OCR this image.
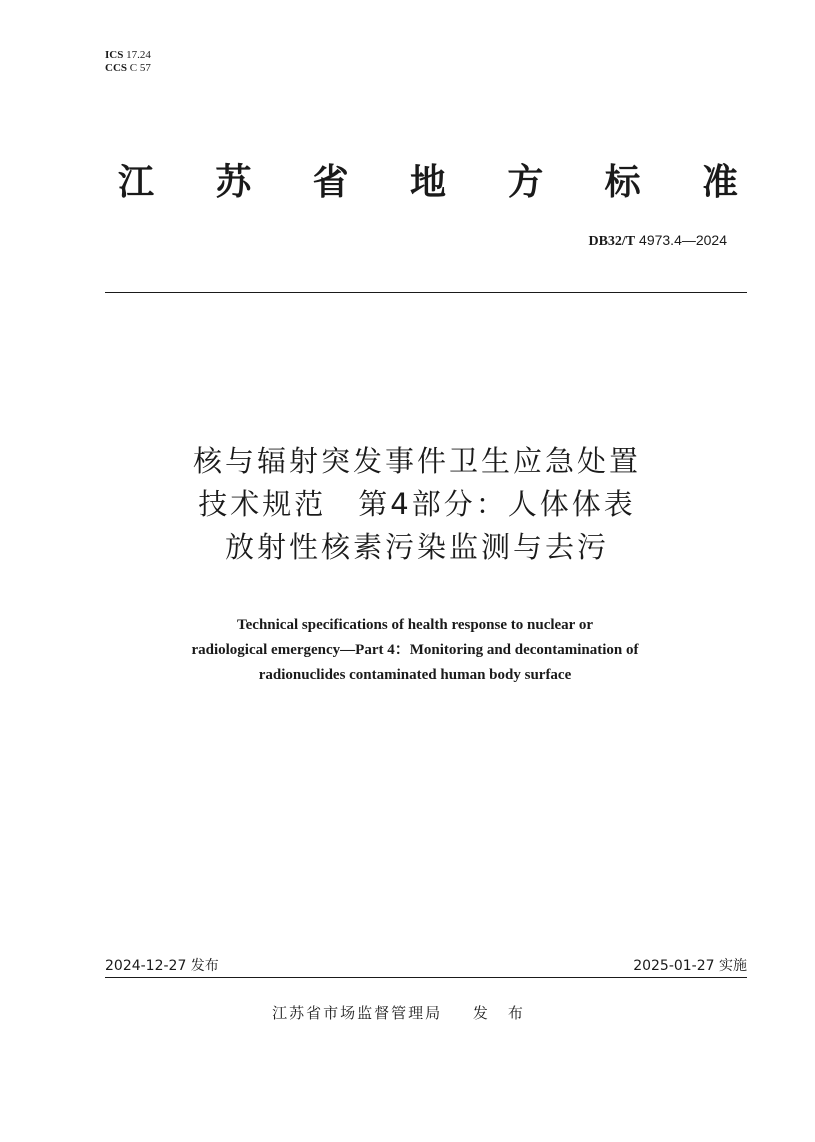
ICS 17.24
CCS C 57
江 苏 省 地 方 标 准
DB32/T 4973.4—2024
核与辐射突发事件卫生应急处置
技术规范　第4部分：人体体表
放射性核素污染监测与去污
Technical specifications of health response to nuclear or
radiological emergency—Part 4：Monitoring and decontamination of
radionuclides contaminated human body surface
2024-12-27 发布	2025-01-27 实施
江苏省市场监督管理局 发布
